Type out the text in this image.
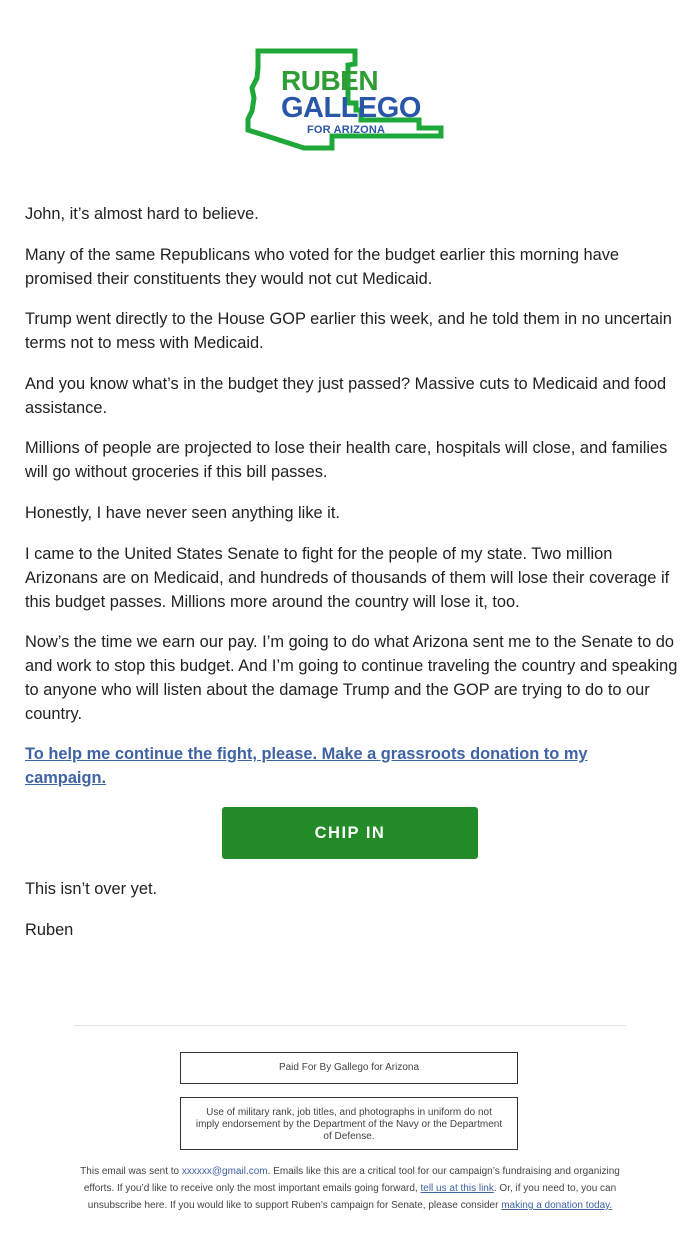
RUBEN
GALLEGO
FOR ARIZONA

John, it’s almost hard to believe.

Many of the same Republicans who voted for the budget earlier this morning have promised their constituents they would not cut Medicaid.

Trump went directly to the House GOP earlier this week, and he told them in no uncertain terms not to mess with Medicaid.

And you know what’s in the budget they just passed? Massive cuts to Medicaid and food assistance.

Millions of people are projected to lose their health care, hospitals will close, and families will go without groceries if this bill passes.

Honestly, I have never seen anything like it.

I came to the United States Senate to fight for the people of my state. Two million Arizonans are on Medicaid, and hundreds of thousands of them will lose their coverage if this budget passes. Millions more around the country will lose it, too.

Now’s the time we earn our pay. I’m going to do what Arizona sent me to the Senate to do and work to stop this budget. And I’m going to continue traveling the country and speaking to anyone who will listen about the damage Trump and the GOP are trying to do to our country.

To help me continue the fight, please. Make a grassroots donation to my campaign.
CHIP IN

This isn’t over yet.

Ruben

Paid For By Gallego for Arizona
Use of military rank, job titles, and photographs in uniform do not imply endorsement by the Department of the Navy or the Department of Defense.
This email was sent to xxxxxx@gmail.com. Emails like this are a critical tool for our campaign’s fundraising and organizing efforts. If you’d like to receive only the most important emails going forward, tell us at this link. Or, if you need to, you can unsubscribe here. If you would like to support Ruben’s campaign for Senate, please consider making a donation today.
